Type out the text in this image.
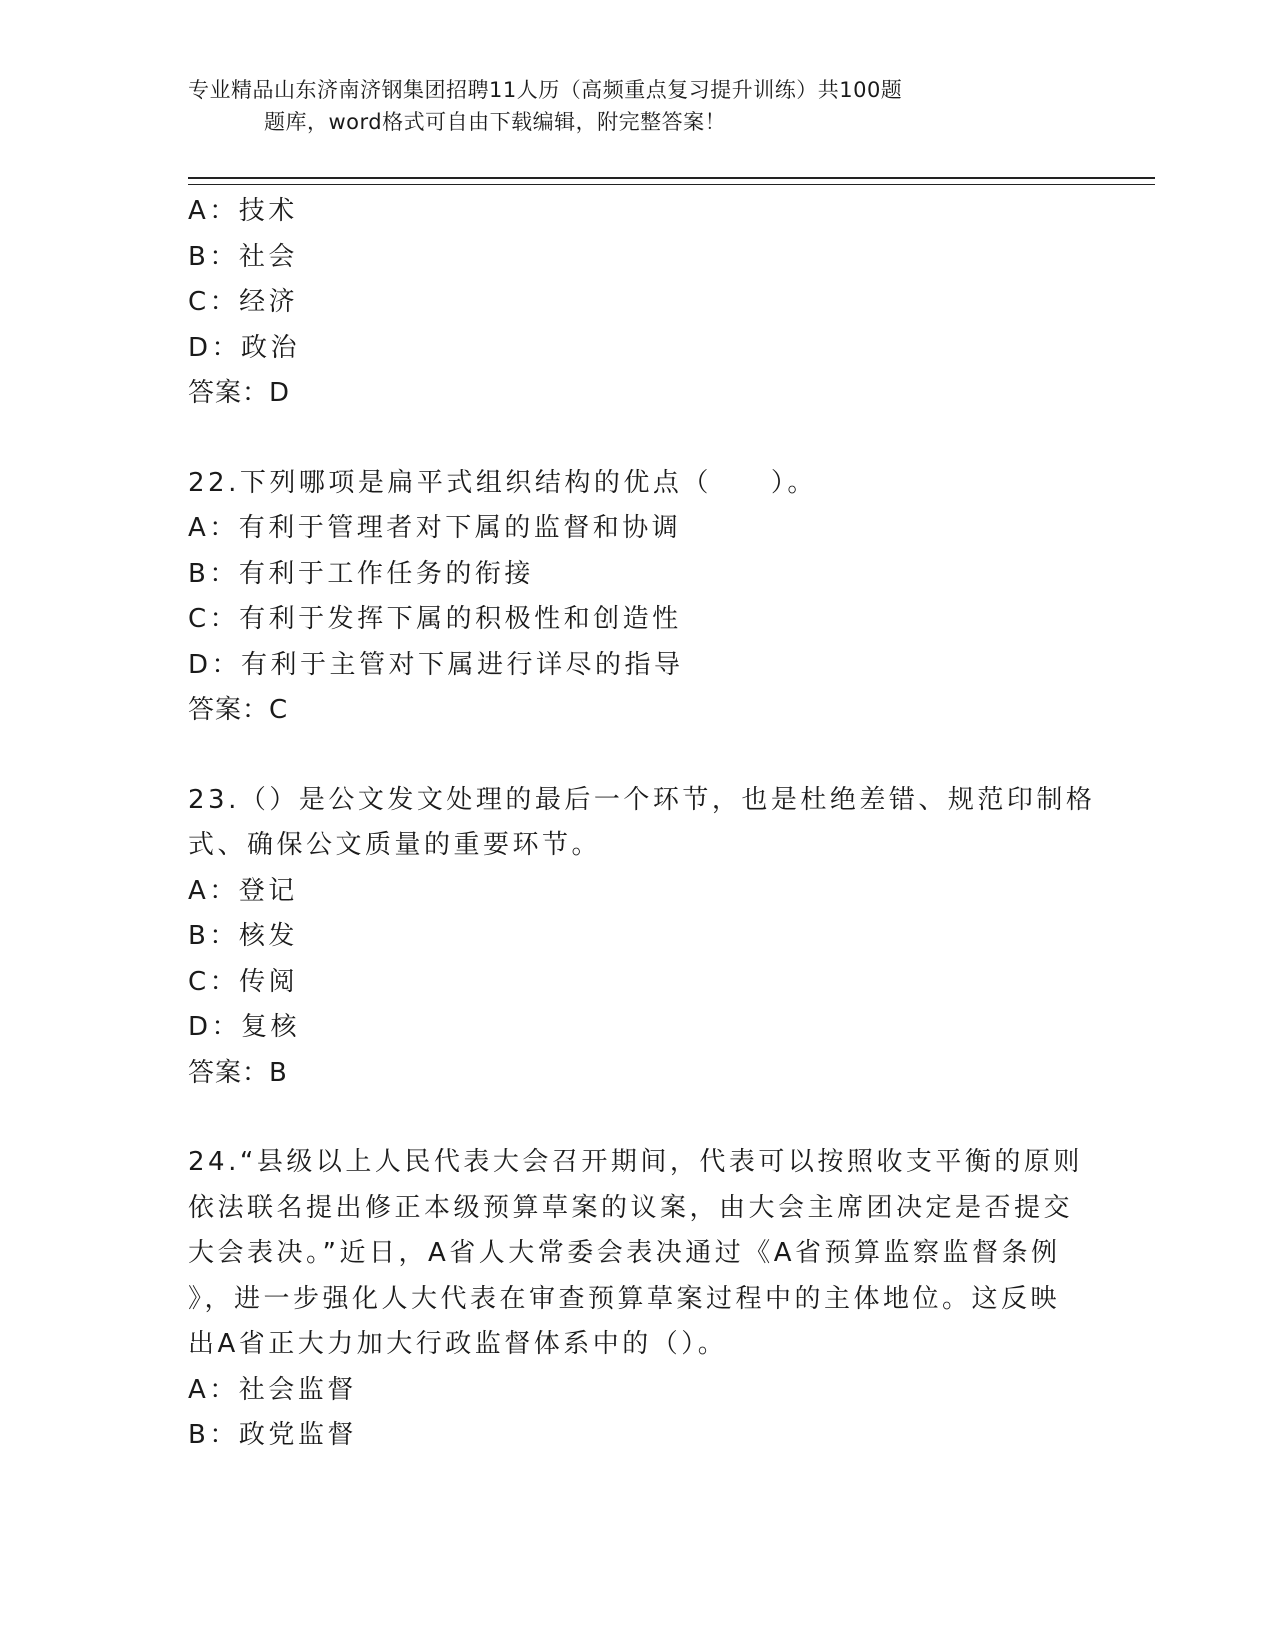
专业精品山东济南济钢集团招聘11人历（高频重点复习提升训练）共100题
题库，word格式可自由下载编辑，附完整答案！
A：技术
B：社会
C：经济
D：政治
答案：D
22.下列哪项是扁平式组织结构的优点（　　）。
A：有利于管理者对下属的监督和协调
B：有利于工作任务的衔接
C：有利于发挥下属的积极性和创造性
D：有利于主管对下属进行详尽的指导
答案：C
23.（）是公文发文处理的最后一个环节，也是杜绝差错、规范印制格
式、确保公文质量的重要环节。
A：登记
B：核发
C：传阅
D：复核
答案：B
24.“县级以上人民代表大会召开期间，代表可以按照收支平衡的原则
依法联名提出修正本级预算草案的议案，由大会主席团决定是否提交
大会表决。”近日，A省人大常委会表决通过《A省预算监察监督条例
》，进一步强化人大代表在审查预算草案过程中的主体地位。这反映
出A省正大力加大行政监督体系中的（）。
A：社会监督
B：政党监督
